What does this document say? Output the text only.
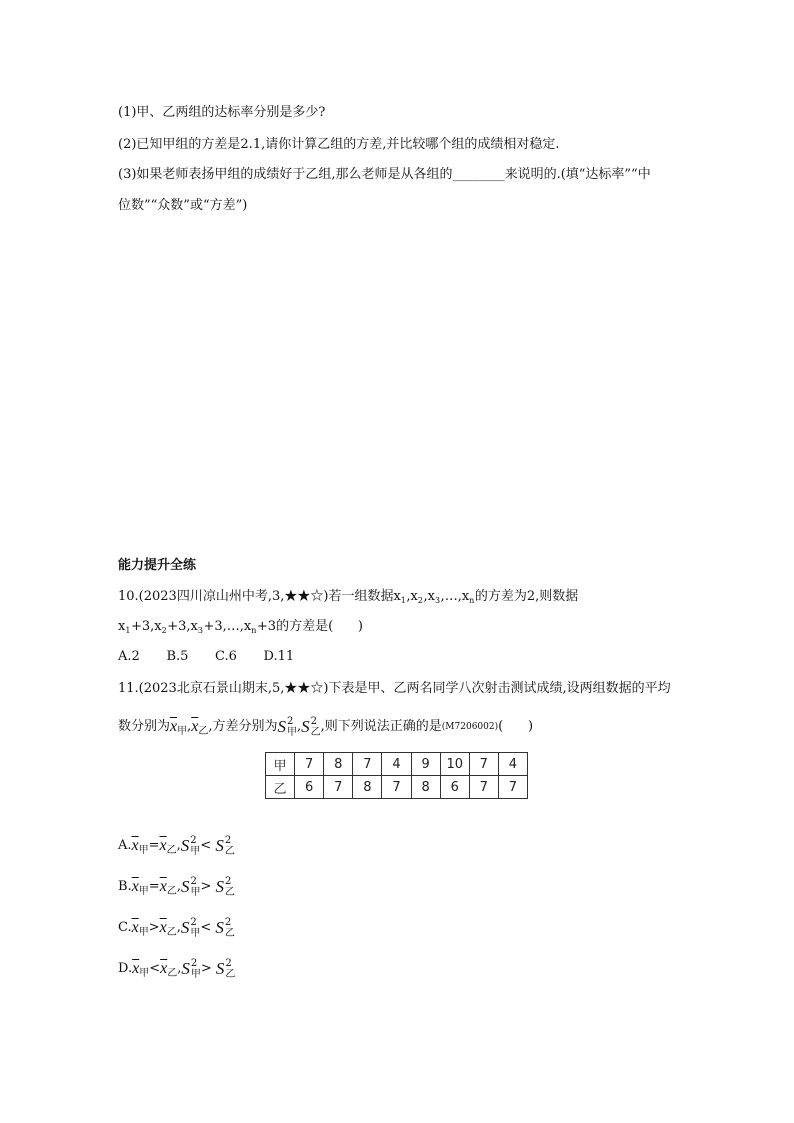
(1)甲、乙两组的达标率分别是多少?
(2)已知甲组的方差是2.1,请你计算乙组的方差,并比较哪个组的成绩相对稳定.
(3)如果老师表扬甲组的成绩好于乙组,那么老师是从各组的 ________ 来说明的.(填“达标率”“中
位数”“众数”或“方差”)
能力提升全练
10.(2023四川凉山州中考,3,★★☆)若一组数据 x 1 , x 2 , x 3 , … , x n 的方差为2,则数据
x 1 +3 , x 2 +3 , x 3 +3 , … , x n +3 的方差是(      )
A.2	B.5	C.6	D.11
11.(2023北京石景山期末,5,★★☆)下表是甲、乙两名同学八次射击测试成绩,设两组数据的平均
数分别为 $\overline{x}$ 甲 , $\overline{x}$ 乙 ,方差分别为 S 2
甲 , S 2
乙 ,则下列说法正确的是 (M7206002) (      )
甲	7	8	7	4	9	10	7	4
乙	6	7	8	7	8	6	7	7
A. $\overline{x}$ 甲 = $\overline{x}$ 乙 , S 2
甲 < S 2
乙
B. $\overline{x}$ 甲 = $\overline{x}$ 乙 , S 2
甲 > S 2
乙
C. $\overline{x}$ 甲 > $\overline{x}$ 乙 , S 2
甲 < S 2
乙
D. $\overline{x}$ 甲 < $\overline{x}$ 乙 , S 2
甲 > S 2
乙
